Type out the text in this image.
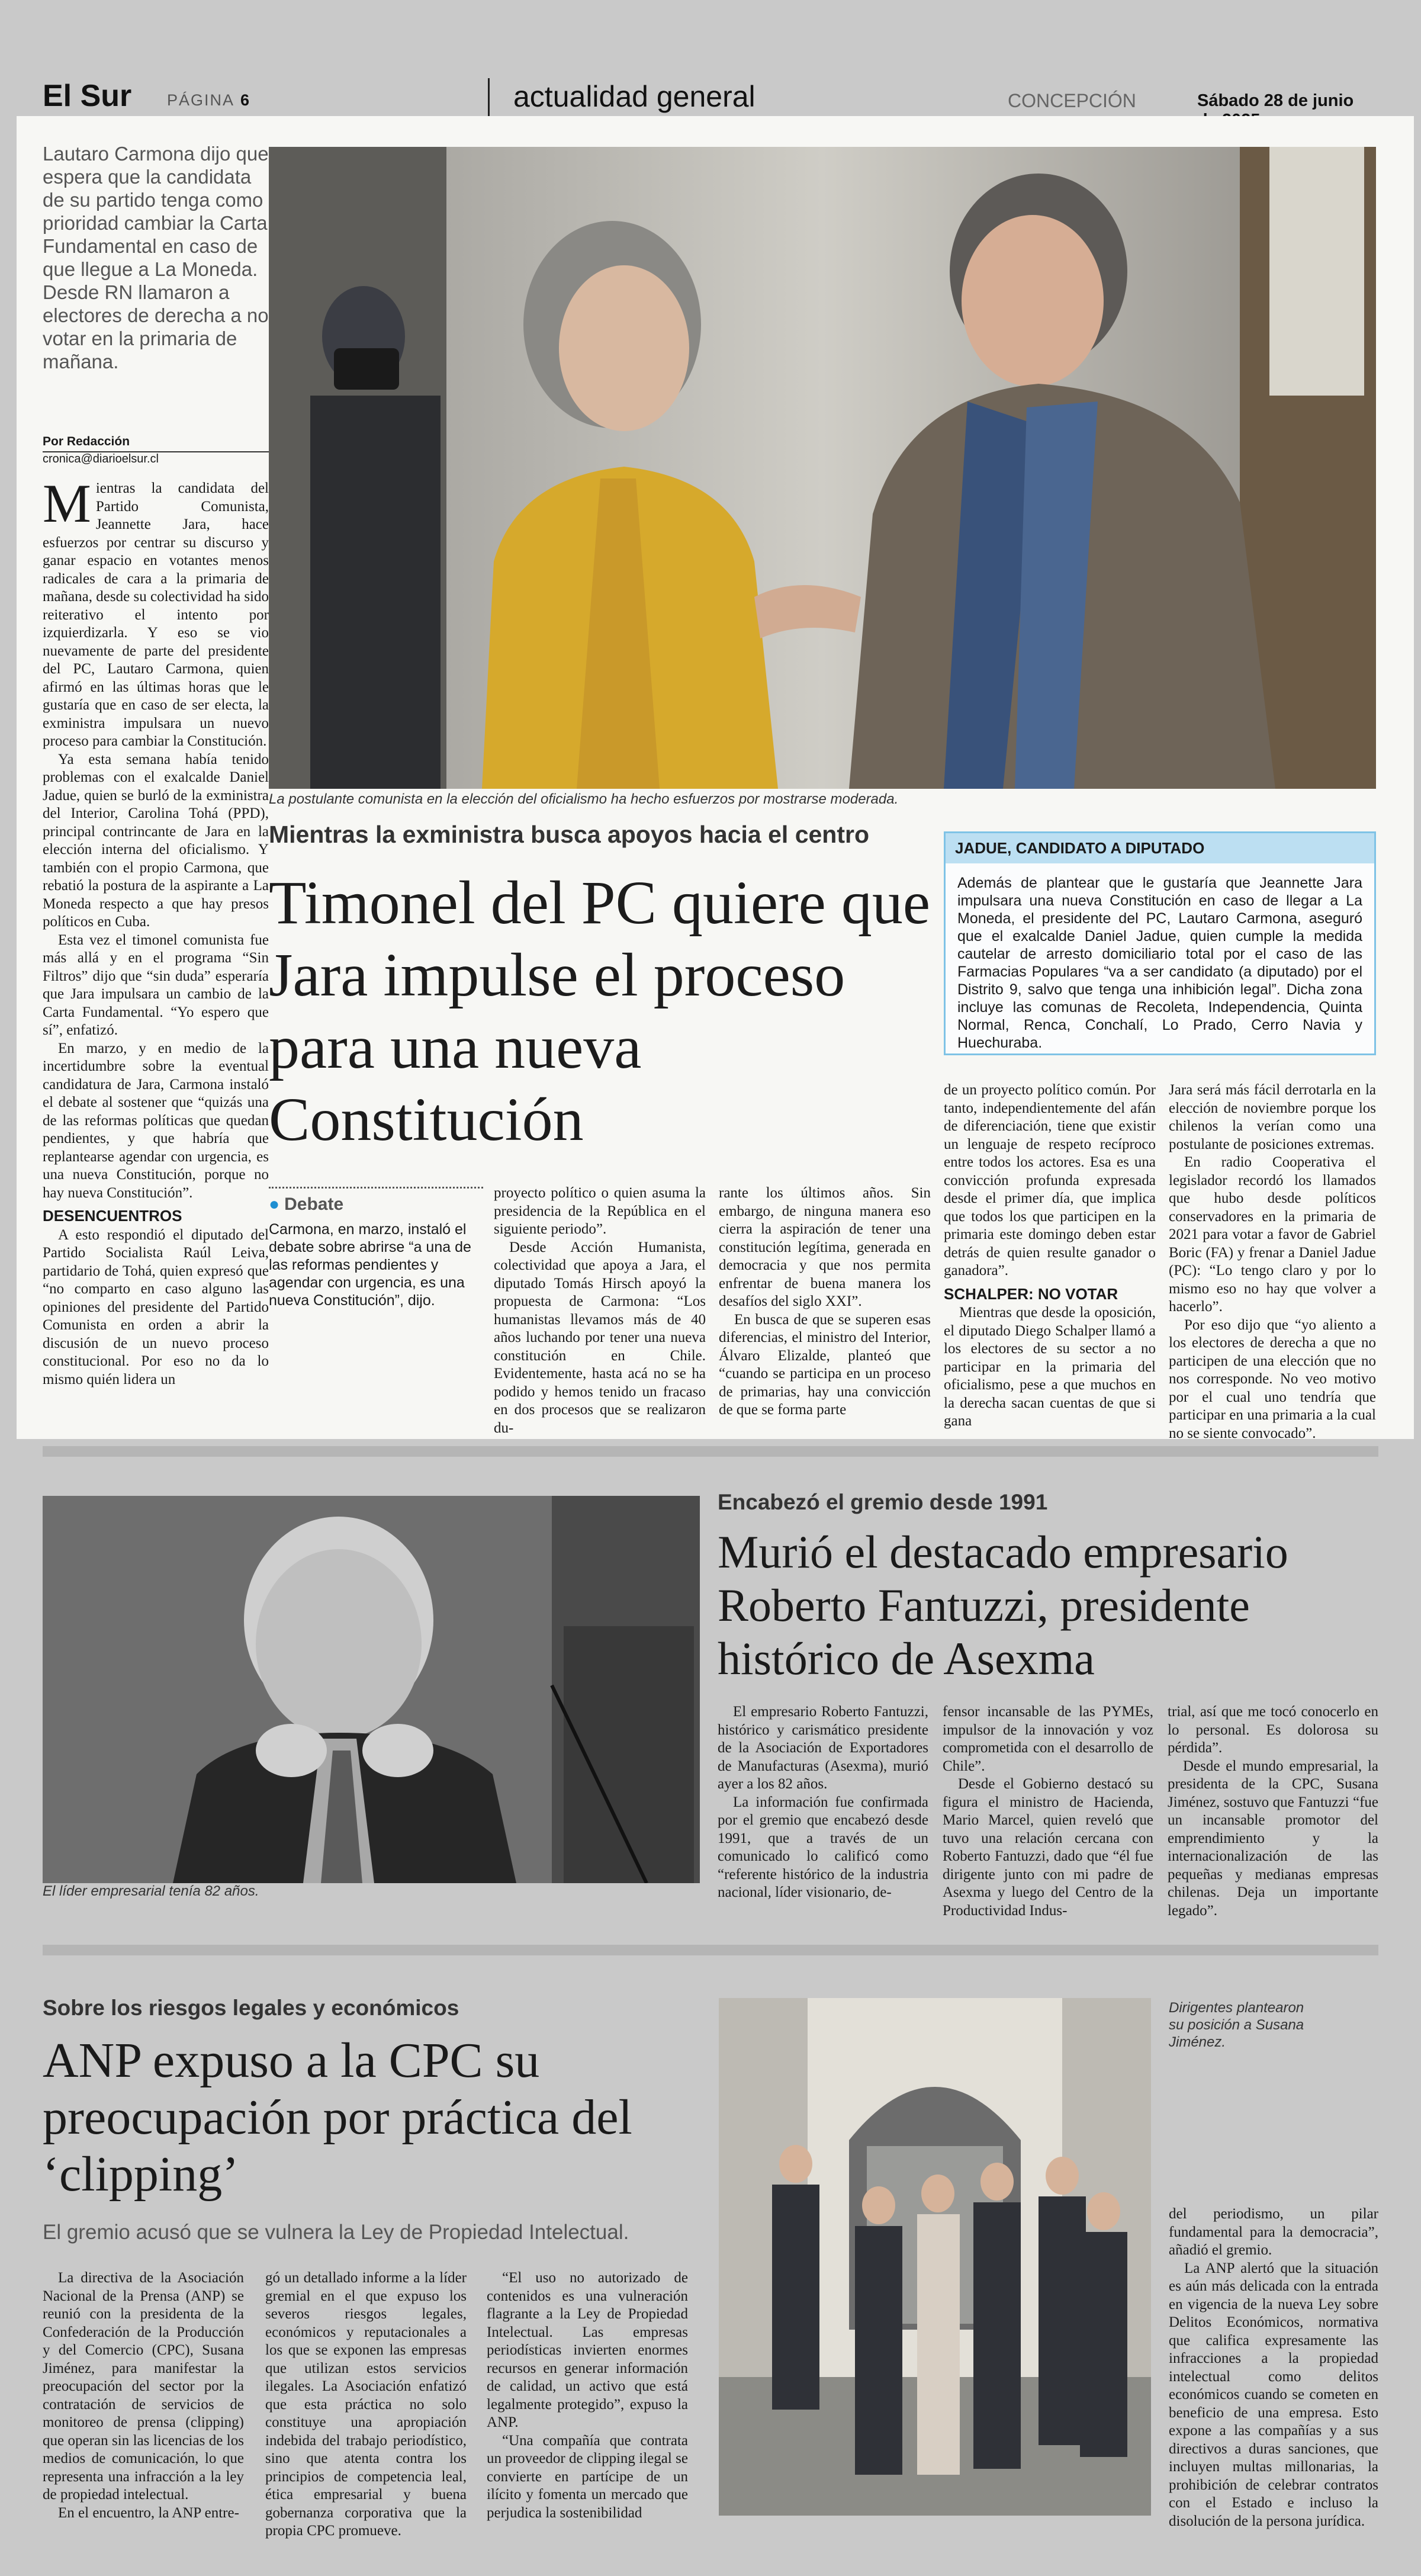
El Sur PÁGINA 6	actualidad general	CONCEPCIÓN	Sábado 28 de junio
Lautaro Carmona dijo que espera que la candidata de su partido tenga como prioridad cambiar la Carta Fundamental en caso de que llegue a La Moneda. Desde RN llamaron a electores de derecha a no votar en la primaria de mañana.
Por Redacción
cronica@diarioelsur.cl
La postulante comunista en la elección del oficialismo ha hecho esfuerzos por mostrarse moderada.
Mientras la exministra busca apoyos hacia el centro
Timonel del PC quiere que Jara impulse el proceso para una nueva Constitución

Mientras la candidata del Partido Comunista, Jeannette Jara, hace esfuerzos por centrar su discurso y ganar espacio en votantes menos radicales de cara a la primaria de mañana, desde su colectividad ha sido reiterativo el intento por izquierdizarla. Y eso se vio nuevamente de parte del presidente del PC, Lautaro Carmona, quien afirmó en las últimas horas que le gustaría que en caso de ser electa, la exministra impulsara un nuevo proceso para cambiar la Constitución.

Ya esta semana había tenido problemas con el exalcalde Daniel Jadue, quien se burló de la exministra del Interior, Carolina Tohá (PPD), principal contrincante de Jara en la elección interna del oficialismo. Y también con el propio Carmona, que rebatió la postura de la aspirante a La Moneda respecto a que hay presos políticos en Cuba.

Esta vez el timonel comunista fue más allá y en el programa “Sin Filtros” dijo que “sin duda” esperaría que Jara impulsara un cambio de la Carta Fundamental. “Yo espero que sí”, enfatizó.

En marzo, y en medio de la incertidumbre sobre la eventual candidatura de Jara, Carmona instaló el debate al sostener que “quizás una de las reformas políticas que quedan pendientes, y que habría que replantearse agendar con urgencia, es una nueva Constitución, porque no hay nueva Constitución”.

DESENCUENTROS

A esto respondió el diputado del Partido Socialista Raúl Leiva, partidario de Tohá, quien expresó que “no comparto en caso alguno las opiniones del presidente del Partido Comunista en orden a abrir la discusión de un nuevo proceso constitucional. Por eso no da lo mismo quién lidera un

● Debate
Carmona, en marzo, instaló el debate sobre abrirse “a una de las reformas pendientes y agendar con urgencia, es una nueva Constitución”, dijo.

proyecto político o quien asuma la presidencia de la República en el siguiente periodo”.

Desde Acción Humanista, colectividad que apoya a Jara, el diputado Tomás Hirsch apoyó la propuesta de Carmona: “Los humanistas llevamos más de 40 años luchando por tener una nueva constitución en Chile. Evidentemente, hasta acá no se ha podido y hemos tenido un fracaso en dos procesos que se realizaron du-

rante los últimos años. Sin embargo, de ninguna manera eso cierra la aspiración de tener una constitución legítima, generada en democracia y que nos permita enfrentar de buena manera los desafíos del siglo XXI”.

En busca de que se superen esas diferencias, el ministro del Interior, Álvaro Elizalde, planteó que “cuando se participa en un proceso de primarias, hay una convicción de que se forma parte

de un proyecto político común. Por tanto, independientemente del afán de diferenciación, tiene que existir un lenguaje de respeto recíproco entre todos los actores. Esa es una convicción profunda expresada desde el primer día, que implica que todos los que participen en la primaria este domingo deben estar detrás de quien resulte ganador o ganadora”.

SCHALPER: NO VOTAR

Mientras que desde la oposición, el diputado Diego Schalper llamó a los electores de su sector a no participar en la primaria del oficialismo, pese a que muchos en la derecha sacan cuentas de que si gana

Jara será más fácil derrotarla en la elección de noviembre porque los chilenos la verían como una postulante de posiciones extremas.

En radio Cooperativa el legislador recordó los llamados que hubo desde políticos conservadores en la primaria de 2021 para votar a favor de Gabriel Boric (FA) y frenar a Daniel Jadue (PC): “Lo tengo claro y por lo mismo eso no hay que volver a hacerlo”.

Por eso dijo que “yo aliento a los electores de derecha a que no participen de una elección que no nos corresponde. No veo motivo por el cual uno tendría que participar en una primaria a la cual no se siente convocado”.

JADUE, CANDIDATO A DIPUTADO
Además de plantear que le gustaría que Jeannette Jara impulsara una nueva Constitución en caso de llegar a La Moneda, el presidente del PC, Lautaro Carmona, aseguró que el exalcalde Daniel Jadue, quien cumple la medida cautelar de arresto domiciliario total por el caso de las Farmacias Populares “va a ser candidato (a diputado) por el Distrito 9, salvo que tenga una inhibición legal”. Dicha zona incluye las comunas de Recoleta, Independencia, Quinta Normal, Renca, Conchalí, Lo Prado, Cerro Navia y Huechuraba.
El líder empresarial tenía 82 años.
Encabezó el gremio desde 1991
Murió el destacado empresario Roberto Fantuzzi, presidente histórico de Asexma

El empresario Roberto Fantuzzi, histórico y carismático presidente de la Asociación de Exportadores de Manufacturas (Asexma), murió ayer a los 82 años.

La información fue confirmada por el gremio que encabezó desde 1991, que a través de un comunicado lo calificó como “referente histórico de la industria nacional, líder visionario, de-

fensor incansable de las PYMEs, impulsor de la innovación y voz comprometida con el desarrollo de Chile”.

Desde el Gobierno destacó su figura el ministro de Hacienda, Mario Marcel, quien reveló que tuvo una relación cercana con Roberto Fantuzzi, dado que “él fue dirigente junto con mi padre de Asexma y luego del Centro de la Productividad Indus-

trial, así que me tocó conocerlo en lo personal. Es dolorosa su pérdida”.

Desde el mundo empresarial, la presidenta de la CPC, Susana Jiménez, sostuvo que Fantuzzi “fue un incansable promotor del emprendimiento y la internacionalización de las pequeñas y medianas empresas chilenas. Deja un importante legado”.

Sobre los riesgos legales y económicos
ANP expuso a la CPC su preocupación por práctica del ‘clipping’
El gremio acusó que se vulnera la Ley de Propiedad Intelectual.

La directiva de la Asociación Nacional de la Prensa (ANP) se reunió con la presidenta de la Confederación de la Producción y del Comercio (CPC), Susana Jiménez, para manifestar la preocupación del sector por la contratación de servicios de monitoreo de prensa (clipping) que operan sin las licencias de los medios de comunicación, lo que representa una infracción a la ley de propiedad intelectual.

En el encuentro, la ANP entre-

gó un detallado informe a la líder gremial en el que expuso los severos riesgos legales, económicos y reputacionales a los que se exponen las empresas que utilizan estos servicios ilegales. La Asociación enfatizó que esta práctica no solo constituye una apropiación indebida del trabajo periodístico, sino que atenta contra los principios de competencia leal, ética empresarial y buena gobernanza corporativa que la propia CPC promueve.

“El uso no autorizado de contenidos es una vulneración flagrante a la Ley de Propiedad Intelectual. Las empresas periodísticas invierten enormes recursos en generar información de calidad, un activo que está legalmente protegido”, expuso la ANP.

“Una compañía que contrata un proveedor de clipping ilegal se convierte en partícipe de un ilícito y fomenta un mercado que perjudica la sostenibilidad

Dirigentes plantearon su posición a Susana Jiménez.

del periodismo, un pilar fundamental para la democracia”, añadió el gremio.

La ANP alertó que la situación es aún más delicada con la entrada en vigencia de la nueva Ley sobre Delitos Económicos, normativa que califica expresamente las infracciones a la propiedad intelectual como delitos económicos cuando se cometen en beneficio de una empresa. Esto expone a las compañías y a sus directivos a duras sanciones, que incluyen multas millonarias, la prohibición de celebrar contratos con el Estado e incluso la disolución de la persona jurídica.
